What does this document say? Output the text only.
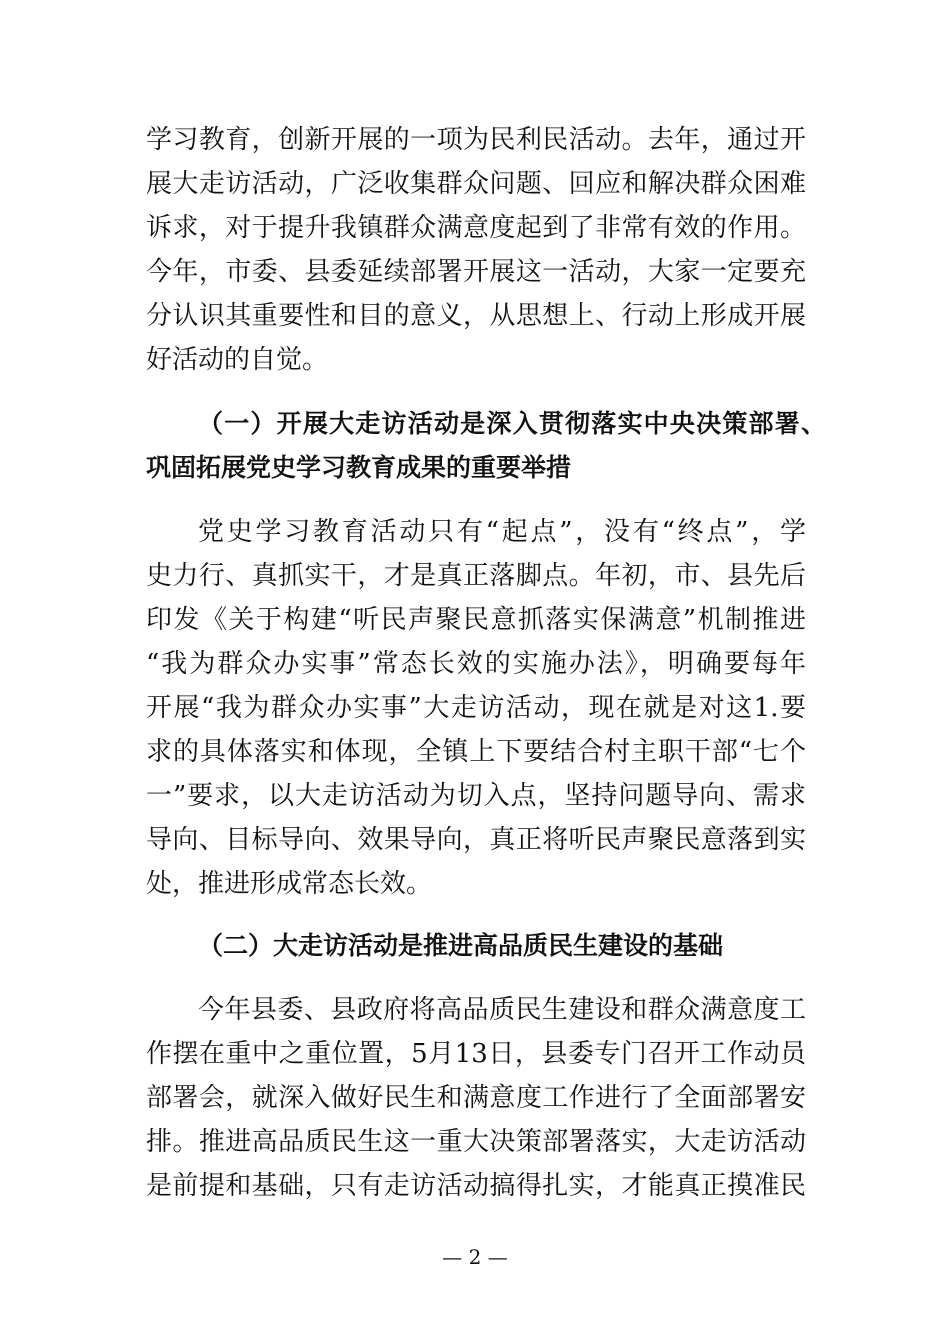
学习教育，创新开展的一项为民利民活动。去年，通过开
展大走访活动，广泛收集群众问题、回应和解决群众困难
诉求，对于提升我镇群众满意度起到了非常有效的作用。
今年，市委、县委延续部署开展这一活动，大家一定要充
分认识其重要性和目的意义，从思想上、行动上形成开展
好活动的自觉。
（一）开展大走访活动是深入贯彻落实中央决策部署、
巩固拓展党史学习教育成果的重要举措
党史学习教育活动只有“起点”，没有“终点”，学
史力行、真抓实干，才是真正落脚点。年初，市、县先后
印发《关于构建“听民声聚民意抓落实保满意”机制推进
“我为群众办实事”常态长效的实施办法》，明确要每年
开展“我为群众办实事”大走访活动，现在就是对这1.要
求的具体落实和体现，全镇上下要结合村主职干部“七个
一”要求，以大走访活动为切入点，坚持问题导向、需求
导向、目标导向、效果导向，真正将听民声聚民意落到实
处，推进形成常态长效。
（二）大走访活动是推进高品质民生建设的基础
今年县委、县政府将高品质民生建设和群众满意度工
作摆在重中之重位置，5月13日，县委专门召开工作动员
部署会，就深入做好民生和满意度工作进行了全面部署安
排。推进高品质民生这一重大决策部署落实，大走访活动
是前提和基础，只有走访活动搞得扎实，才能真正摸准民
— 2 —
